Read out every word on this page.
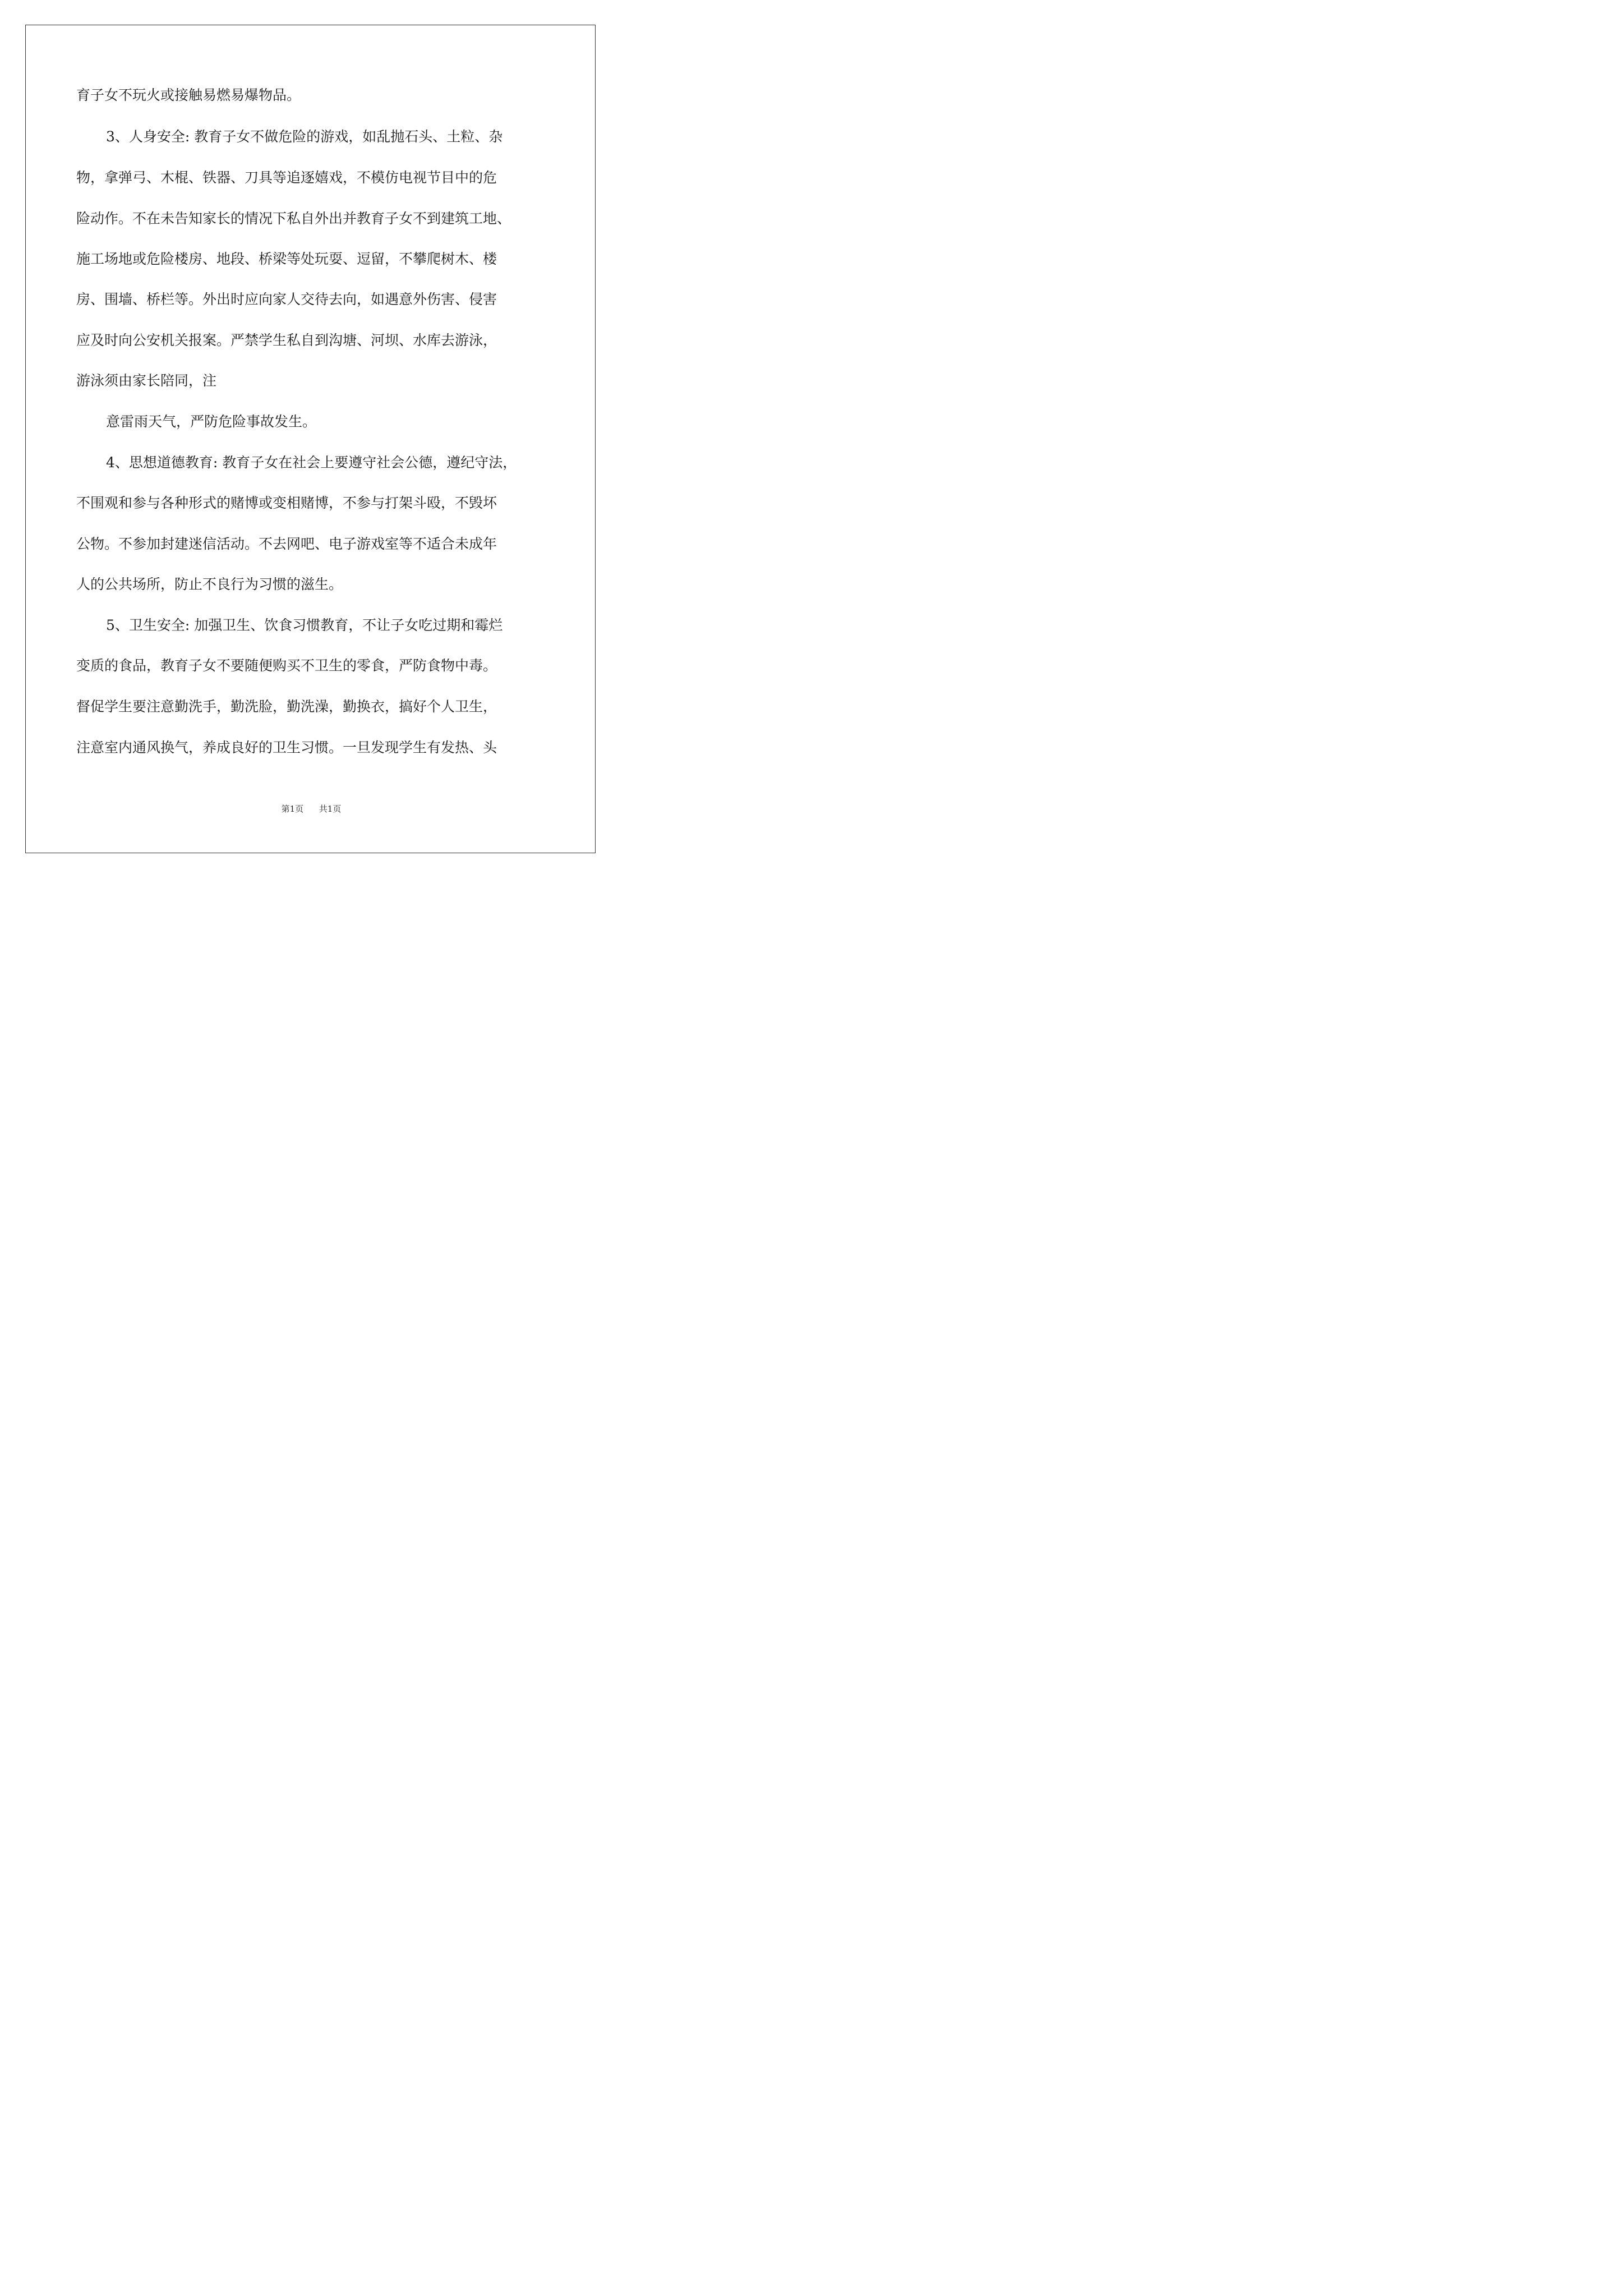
育子女不玩火或接触易燃易爆物品。

3、人身安全: 教育子女不做危险的游戏，如乱抛石头、土粒、杂

物，拿弹弓、木棍、铁器、刀具等追逐嬉戏，不模仿电视节目中的危

险动作。不在未告知家长的情况下私自外出并教育子女不到建筑工地、

施工场地或危险楼房、地段、桥梁等处玩耍、逗留，不攀爬树木、楼

房、围墙、桥栏等。外出时应向家人交待去向，如遇意外伤害、侵害

应及时向公安机关报案。严禁学生私自到沟塘、河坝、水库去游泳，

游泳须由家长陪同，注

意雷雨天气，严防危险事故发生。

4、思想道德教育: 教育子女在社会上要遵守社会公德，遵纪守法，

不围观和参与各种形式的赌博或变相赌博，不参与打架斗殴，不毁坏

公物。不参加封建迷信活动。不去网吧、电子游戏室等不适合未成年

人的公共场所，防止不良行为习惯的滋生。

5、卫生安全: 加强卫生、饮食习惯教育，不让子女吃过期和霉烂

变质的食品，教育子女不要随便购买不卫生的零食，严防食物中毒。

督促学生要注意勤洗手，勤洗脸，勤洗澡，勤换衣，搞好个人卫生，

注意室内通风换气，养成良好的卫生习惯。一旦发现学生有发热、头

第1页 共1页
